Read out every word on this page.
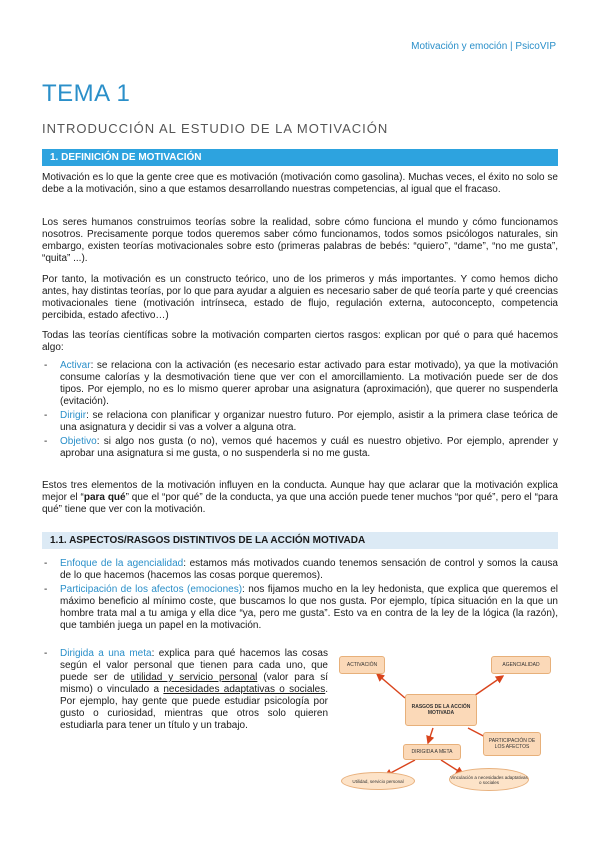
Motivación y emoción | PsicoVIP
TEMA 1
INTRODUCCIÓN AL ESTUDIO DE LA MOTIVACIÓN
1. DEFINICIÓN DE MOTIVACIÓN
Motivación es lo que la gente cree que es motivación (motivación como gasolina). Muchas veces, el éxito no solo se debe a la motivación, sino a que estamos desarrollando nuestras competencias, al igual que el fracaso.
Los seres humanos construimos teorías sobre la realidad, sobre cómo funciona el mundo y cómo funcionamos nosotros. Precisamente porque todos queremos saber cómo funcionamos, todos somos psicólogos naturales, sin embargo, existen teorías motivacionales sobre esto (primeras palabras de bebés: “quiero”, “dame”, “no me gusta”, “quita” ...).
Por tanto, la motivación es un constructo teórico, uno de los primeros y más importantes. Y como hemos dicho antes, hay distintas teorías, por lo que para ayudar a alguien es necesario saber de qué teoría parte y qué creencias motivacionales tiene (motivación intrínseca, estado de flujo, regulación externa, autoconcepto, competencia percibida, estado afectivo…)
Todas las teorías científicas sobre la motivación comparten ciertos rasgos: explican por qué o para qué hacemos algo:
- Activar: se relaciona con la activación (es necesario estar activado para estar motivado), ya que la motivación consume calorías y la desmotivación tiene que ver con el amorcillamiento. La motivación puede ser de dos tipos. Por ejemplo, no es lo mismo querer aprobar una asignatura (aproximación), que querer no suspenderla (evitación).
- Dirigir: se relaciona con planificar y organizar nuestro futuro. Por ejemplo, asistir a la primera clase teórica de una asignatura y decidir si vas a volver a alguna otra.
- Objetivo: si algo nos gusta (o no), vemos qué hacemos y cuál es nuestro objetivo. Por ejemplo, aprender y aprobar una asignatura si me gusta, o no suspenderla si no me gusta.
Estos tres elementos de la motivación influyen en la conducta. Aunque hay que aclarar que la motivación explica mejor el “para qué” que el “por qué” de la conducta, ya que una acción puede tener muchos “por qué”, pero el “para qué” tiene que ver con la motivación.
1.1. ASPECTOS/RASGOS DISTINTIVOS DE LA ACCIÓN MOTIVADA
- Enfoque de la agencialidad: estamos más motivados cuando tenemos sensación de control y somos la causa de lo que hacemos (hacemos las cosas porque queremos).
- Participación de los afectos (emociones): nos fijamos mucho en la ley hedonista, que explica que queremos el máximo beneficio al mínimo coste, que buscamos lo que nos gusta. Por ejemplo, típica situación en la que un hombre trata mal a tu amiga y ella dice “ya, pero me gusta”. Esto va en contra de la ley de la lógica (la razón), que también juega un papel en la motivación.
- Dirigida a una meta: explica para qué hacemos las cosas según el valor personal que tienen para cada uno, que puede ser de utilidad y servicio personal (valor para sí mismo) o vinculado a necesidades adaptativas o sociales. Por ejemplo, hay gente que puede estudiar psicología por gusto o curiosidad, mientras que otros solo quieren estudiarla para tener un título y un trabajo.
ACTIVACIÓN	AGENCIALIDAD
RASGOS DE LA ACCIÓN MOTIVADA
DIRIGIDA A META
PARTICIPACIÓN DE LOS AFECTOS
Utilidad, servicio personal
Vinculación a necesidades adaptativas o sociales
